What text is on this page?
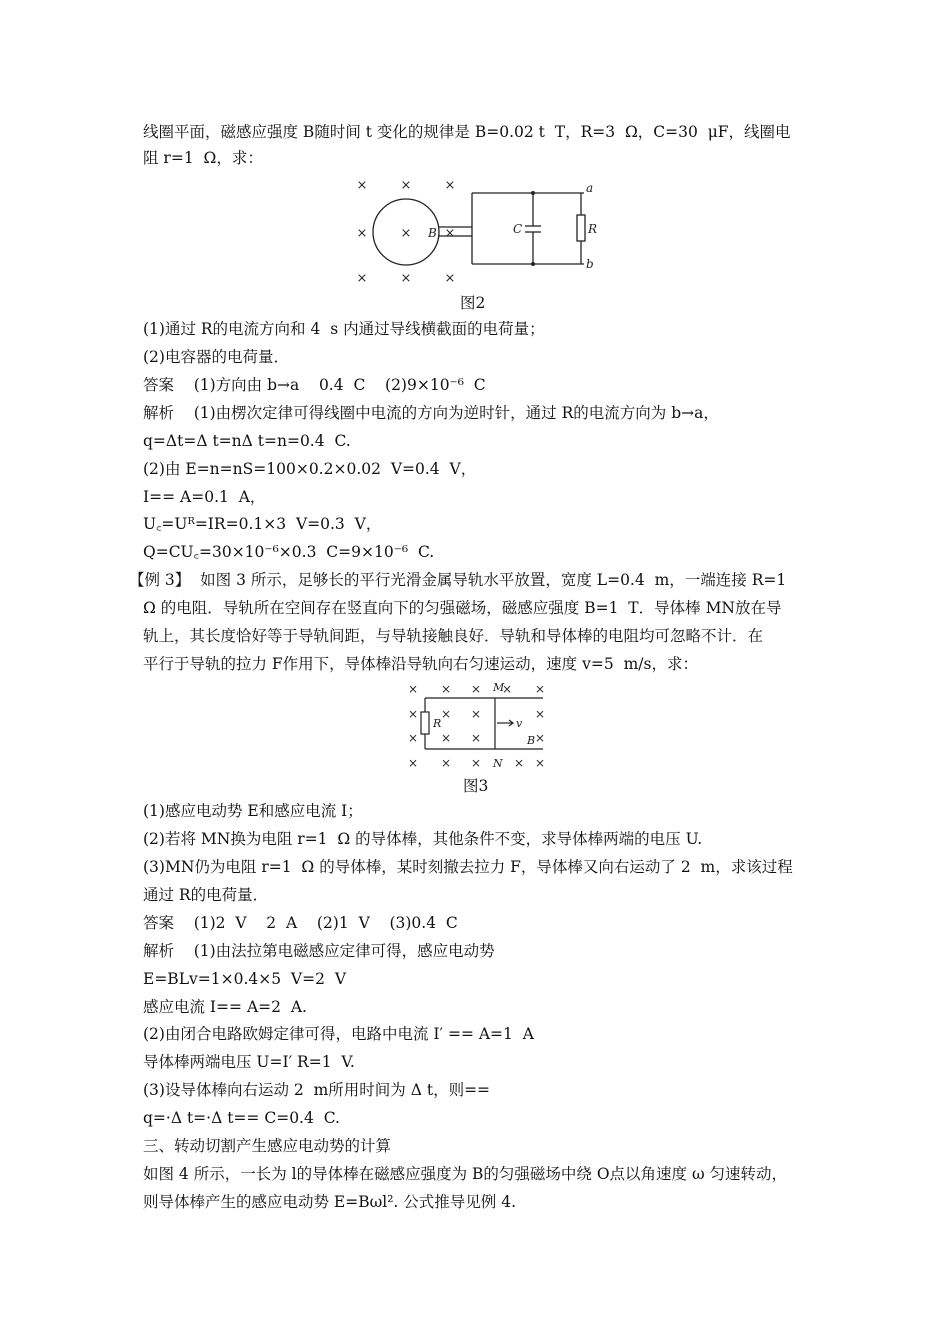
线圈平面，磁感应强度 B随时间 t 变化的规律是 B=0.02 t  T，R=3  Ω，C=30  μF，线圈电
阻 r=1  Ω，求：
×	×	×
×	×	×
×	×	×
B	C	R
a
b
图2
(1)通过 R的电流方向和 4  s 内通过导线横截面的电荷量；
(2)电容器的电荷量．
答案    (1)方向由 b→a    0.4  C    (2)9×10⁻⁶  C
解析    (1)由楞次定律可得线圈中电流的方向为逆时针，通过 R的电流方向为 b→a，
q=Δt=Δ t=nΔ t=n=0.4  C.
(2)由 E=n=nS=100×0.2×0.02  V=0.4  V，
I== A=0.1  A，
U꜀=Uᴿ=IR=0.1×3  V=0.3  V，
Q=CU꜀=30×10⁻⁶×0.3  C=9×10⁻⁶  C.
【例 3】  如图 3 所示，足够长的平行光滑金属导轨水平放置，宽度 L=0.4  m，一端连接 R=1
Ω 的电阻．导轨所在空间存在竖直向下的匀强磁场，磁感应强度 B=1  T．导体棒 MN放在导
轨上，其长度恰好等于导轨间距，与导轨接触良好．导轨和导体棒的电阻均可忽略不计．在
平行于导轨的拉力 F作用下，导体棒沿导轨向右匀速运动，速度 v=5  m/s，求：
× × ×	×
× × ×	×
× × ×
× × ×	×
×
×
×
R
M
N
v
B
图3
(1)感应电动势 E和感应电流 I；
(2)若将 MN换为电阻 r=1  Ω 的导体棒，其他条件不变，求导体棒两端的电压 U.
(3)MN仍为电阻 r=1  Ω 的导体棒，某时刻撤去拉力 F，导体棒又向右运动了 2  m，求该过程
通过 R的电荷量．
答案    (1)2  V    2  A    (2)1  V    (3)0.4  C
解析    (1)由法拉第电磁感应定律可得，感应电动势
E=BLv=1×0.4×5  V=2  V
感应电流 I== A=2  A.
(2)由闭合电路欧姆定律可得，电路中电流 I′ == A=1  A
导体棒两端电压 U=I′ R=1  V.
(3)设导体棒向右运动 2  m所用时间为 Δ t，则==
q=·Δ t=·Δ t== C=0.4  C.
三、转动切割产生感应电动势的计算
如图 4 所示，一长为 l的导体棒在磁感应强度为 B的匀强磁场中绕 O点以角速度 ω 匀速转动，
则导体棒产生的感应电动势 E=Bωl². 公式推导见例 4.
